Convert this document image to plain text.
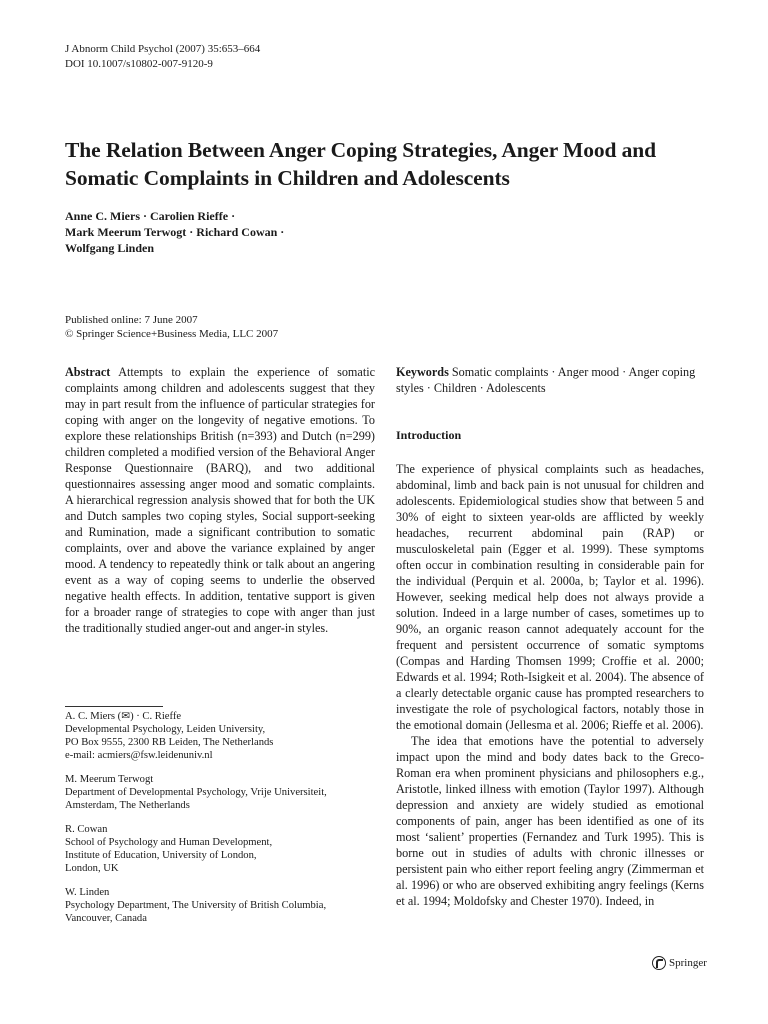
J Abnorm Child Psychol (2007) 35:653–664
DOI 10.1007/s10802-007-9120-9
The Relation Between Anger Coping Strategies, Anger Mood and Somatic Complaints in Children and Adolescents
Anne C. Miers · Carolien Rieffe ·
Mark Meerum Terwogt · Richard Cowan ·
Wolfgang Linden
Published online: 7 June 2007
© Springer Science+Business Media, LLC 2007
Abstract Attempts to explain the experience of somatic complaints among children and adolescents suggest that they may in part result from the influence of particular strategies for coping with anger on the longevity of negative emotions. To explore these relationships British (n=393) and Dutch (n=299) children completed a modified version of the Behavioral Anger Response Questionnaire (BARQ), and two additional questionnaires assessing anger mood and somatic complaints. A hierarchical regression analysis showed that for both the UK and Dutch samples two coping styles, Social support-seeking and Rumination, made a significant contribution to somatic complaints, over and above the variance explained by anger mood. A tendency to repeatedly think or talk about an angering event as a way of coping seems to underlie the observed negative health effects. In addition, tentative support is given for a broader range of strategies to cope with anger than just the traditionally studied anger-out and anger-in styles.
Keywords Somatic complaints · Anger mood · Anger coping styles · Children · Adolescents
Introduction

The experience of physical complaints such as headaches, abdominal, limb and back pain is not unusual for children and adolescents. Epidemiological studies show that between 5 and 30% of eight to sixteen year-olds are afflicted by weekly headaches, recurrent abdominal pain (RAP) or musculoskeletal pain (Egger et al. 1999). These symptoms often occur in combination resulting in considerable pain for the individual (Perquin et al. 2000a, b; Taylor et al. 1996). However, seeking medical help does not always provide a solution. Indeed in a large number of cases, sometimes up to 90%, an organic reason cannot adequately account for the frequent and persistent occurrence of somatic symptoms (Compas and Harding Thomsen 1999; Croffie et al. 2000; Edwards et al. 1994; Roth-Isigkeit et al. 2004). The absence of a clearly detectable organic cause has prompted researchers to investigate the role of psychological factors, notably those in the emotional domain (Jellesma et al. 2006; Rieffe et al. 2006).

The idea that emotions have the potential to adversely impact upon the mind and body dates back to the Greco-Roman era when prominent physicians and philosophers e.g., Aristotle, linked illness with emotion (Taylor 1997). Although depression and anxiety are widely studied as emotional components of pain, anger has been identified as one of its most ‘salient’ properties (Fernandez and Turk 1995). This is borne out in studies of adults with chronic illnesses or persistent pain who either report feeling angry (Zimmerman et al. 1996) or who are observed exhibiting angry feelings (Kerns et al. 1994; Moldofsky and Chester 1970). Indeed, in

A. C. Miers (✉) · C. Rieffe
Developmental Psychology, Leiden University,
PO Box 9555, 2300 RB Leiden, The Netherlands
e-mail: acmiers@fsw.leidenuniv.nl
M. Meerum Terwogt
Department of Developmental Psychology, Vrije Universiteit,
Amsterdam, The Netherlands
R. Cowan
School of Psychology and Human Development,
Institute of Education, University of London,
London, UK
W. Linden
Psychology Department, The University of British Columbia,
Vancouver, Canada
Springer
